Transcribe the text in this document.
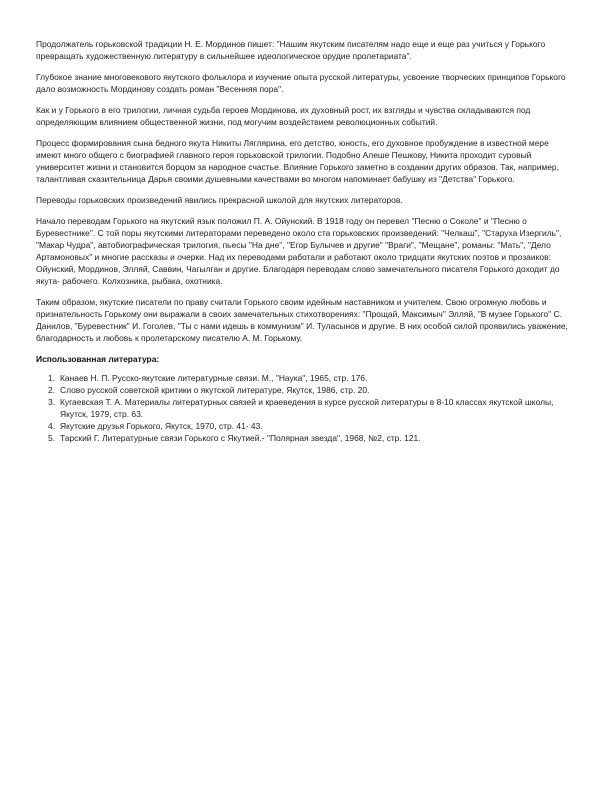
Продолжатель горьковской традиции Н. Е. Мординов пишет: "Нашим якутским писателям надо еще и еще раз учиться у Горького превращать художественную литературу в сильнейшее идеологическое орудие пролетариата".

Глубокое знание многовекового якутского фольклора и изучение опыта русской литературы, усвоение творческих принципов Горького дало возможность Мординову создать роман "Весенняя пора".

Как и у Горького в его трилогии, личная судьба героев Мординова, их духовный рост, их взгляды и чувства складываются под определяющим влиянием общественной жизни, под могучим воздействием революционных событий.

Процесс формирования сына бедного якута Никиты Ляглярина, его детство, юность, его духовное пробуждение в известной мере имеют много общего с биографией главного героя горьковской трилогии. Подобно Алеше Пешкову, Никита проходит суровый университет жизни и становится борцом за народное счастье. Влияние Горького заметно в создании других образов. Так, например, талантливая сказительница Дарья своими душевными качествами во многом напоминает бабушку из "Детства" Горького.

Переводы горьковских произведений явились прекрасной школой для якутских литераторов.

Начало переводам Горького на якутский язык положил П. А. Ойунский. В 1918 году он перевел "Песню о Соколе" и "Песню о Буревестнике". С той поры якутскими литераторами переведено около ста горьковских произведений: "Челкаш", "Старуха Изергиль", "Макар Чудра", автобиографическая трилогия, пьесы "На дне", "Егор Булычев и другие" "Враги", "Мещане", романы: "Мать", "Дело Артамоновых" и многие рассказы и очерки. Над их переводами работали и работают около тридцати якутских поэтов и прозаиков: Ойунский, Мординов, Элляй, Саввин, Чагылган и другие. Благодаря переводам слово замечательного писателя Горького доходит до якута- рабочего. Колхозника, рыбака, охотника.

Таким образом, якутские писатели по праву считали Горького своим идейным наставником и учителем. Свою огромную любовь и признательность Горькому они выражали в своих замечательных стихотворениях: "Прощай, Максимыч" Элляй, "В музее Горького" С. Данилов, "Буревестник" И. Гоголев, "Ты с нами идешь в коммунизм" И. Туласынов и другие. В них особой силой проявились уважение, благодарность и любовь к пролетарскому писателю А. М. Горькому.

Использованная литература:
1. Канаев Н. П. Русско-якутские литературные связи. М., "Наука", 1965, стр. 176.
2. Слово русской советской критики о якутской литературе, Якутск, 1986, стр. 20.
3. Кугаевская Т. А. Материалы литературных связей и краеведения в курсе русской литературы в 8-10 классах якутской школы, Якутск, 1979, стр. 63.
4. Якутские друзья Горького, Якутск, 1970, стр. 41- 43.
5. Тарский Г. Литературные связи Горького с Якутией.- "Полярная звезда", 1968, №2, стр. 121.
